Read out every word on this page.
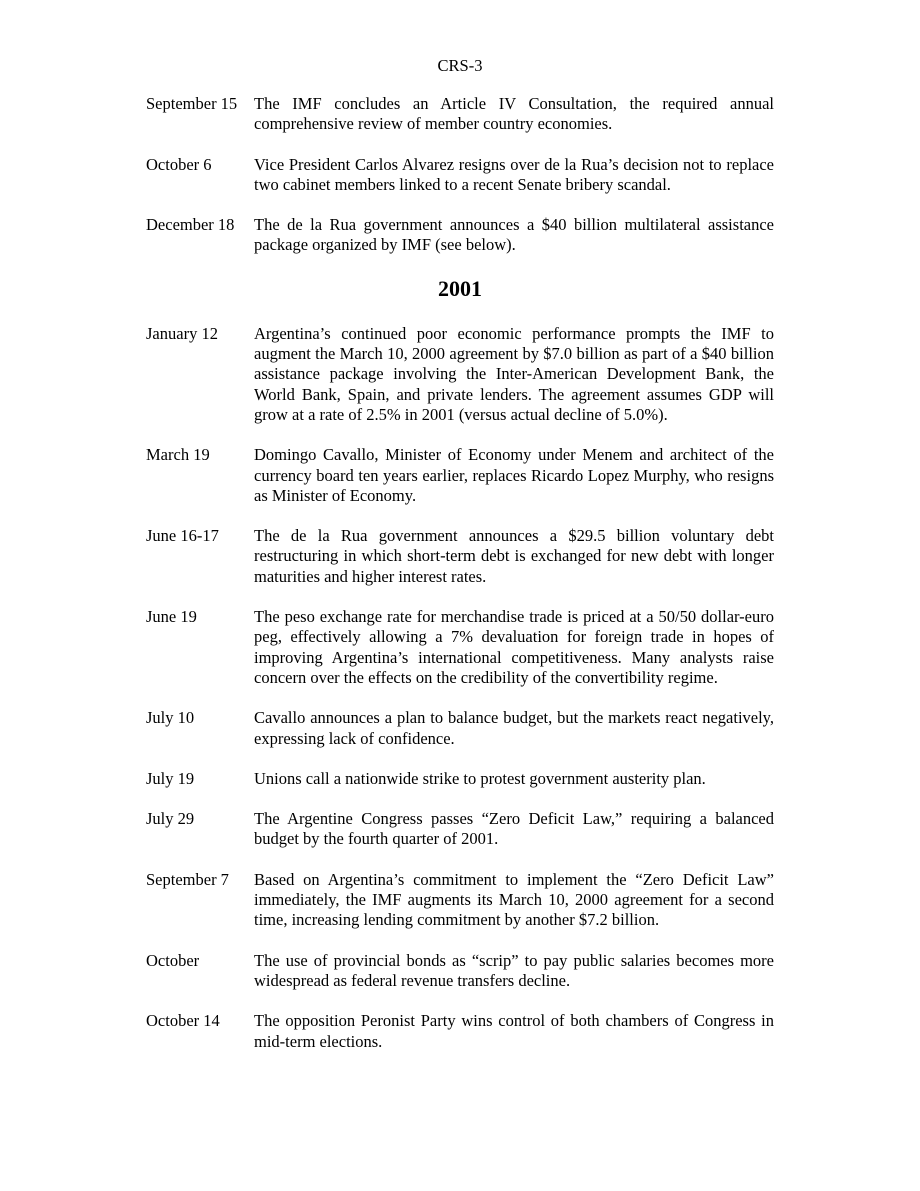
CRS-3
September 15	The IMF concludes an Article IV Consultation, the required annual comprehensive review of member country economies.
October 6	Vice President Carlos Alvarez resigns over de la Rua’s decision not to replace two cabinet members linked to a recent Senate bribery scandal.
December 18	The de la Rua government announces a $40 billion multilateral assistance package organized by IMF (see below).
2001
January 12	Argentina’s continued poor economic performance prompts the IMF to augment the March 10, 2000 agreement by $7.0 billion as part of a $40 billion assistance package involving the Inter-American Development Bank, the World Bank, Spain, and private lenders. The agreement assumes GDP will grow at a rate of 2.5% in 2001 (versus actual decline of 5.0%).
March 19	Domingo Cavallo, Minister of Economy under Menem and architect of the currency board ten years earlier, replaces Ricardo Lopez Murphy, who resigns as Minister of Economy.
June 16-17	The de la Rua government announces a $29.5 billion voluntary debt restructuring in which short-term debt is exchanged for new debt with longer maturities and higher interest rates.
June 19	The peso exchange rate for merchandise trade is priced at a 50/50 dollar-euro peg, effectively allowing a 7% devaluation for foreign trade in hopes of improving Argentina’s international competitiveness. Many analysts raise concern over the effects on the credibility of the convertibility regime.
July 10	Cavallo announces a plan to balance budget, but the markets react negatively, expressing lack of confidence.
July 19	Unions call a nationwide strike to protest government austerity plan.
July 29	The Argentine Congress passes “Zero Deficit Law,” requiring a balanced budget by the fourth quarter of 2001.
September 7	Based on Argentina’s commitment to implement the “Zero Deficit Law” immediately, the IMF augments its March 10, 2000 agreement for a second time, increasing lending commitment by another $7.2 billion.
October	The use of provincial bonds as “scrip” to pay public salaries becomes more widespread as federal revenue transfers decline.
October 14	The opposition Peronist Party wins control of both chambers of Congress in mid-term elections.
